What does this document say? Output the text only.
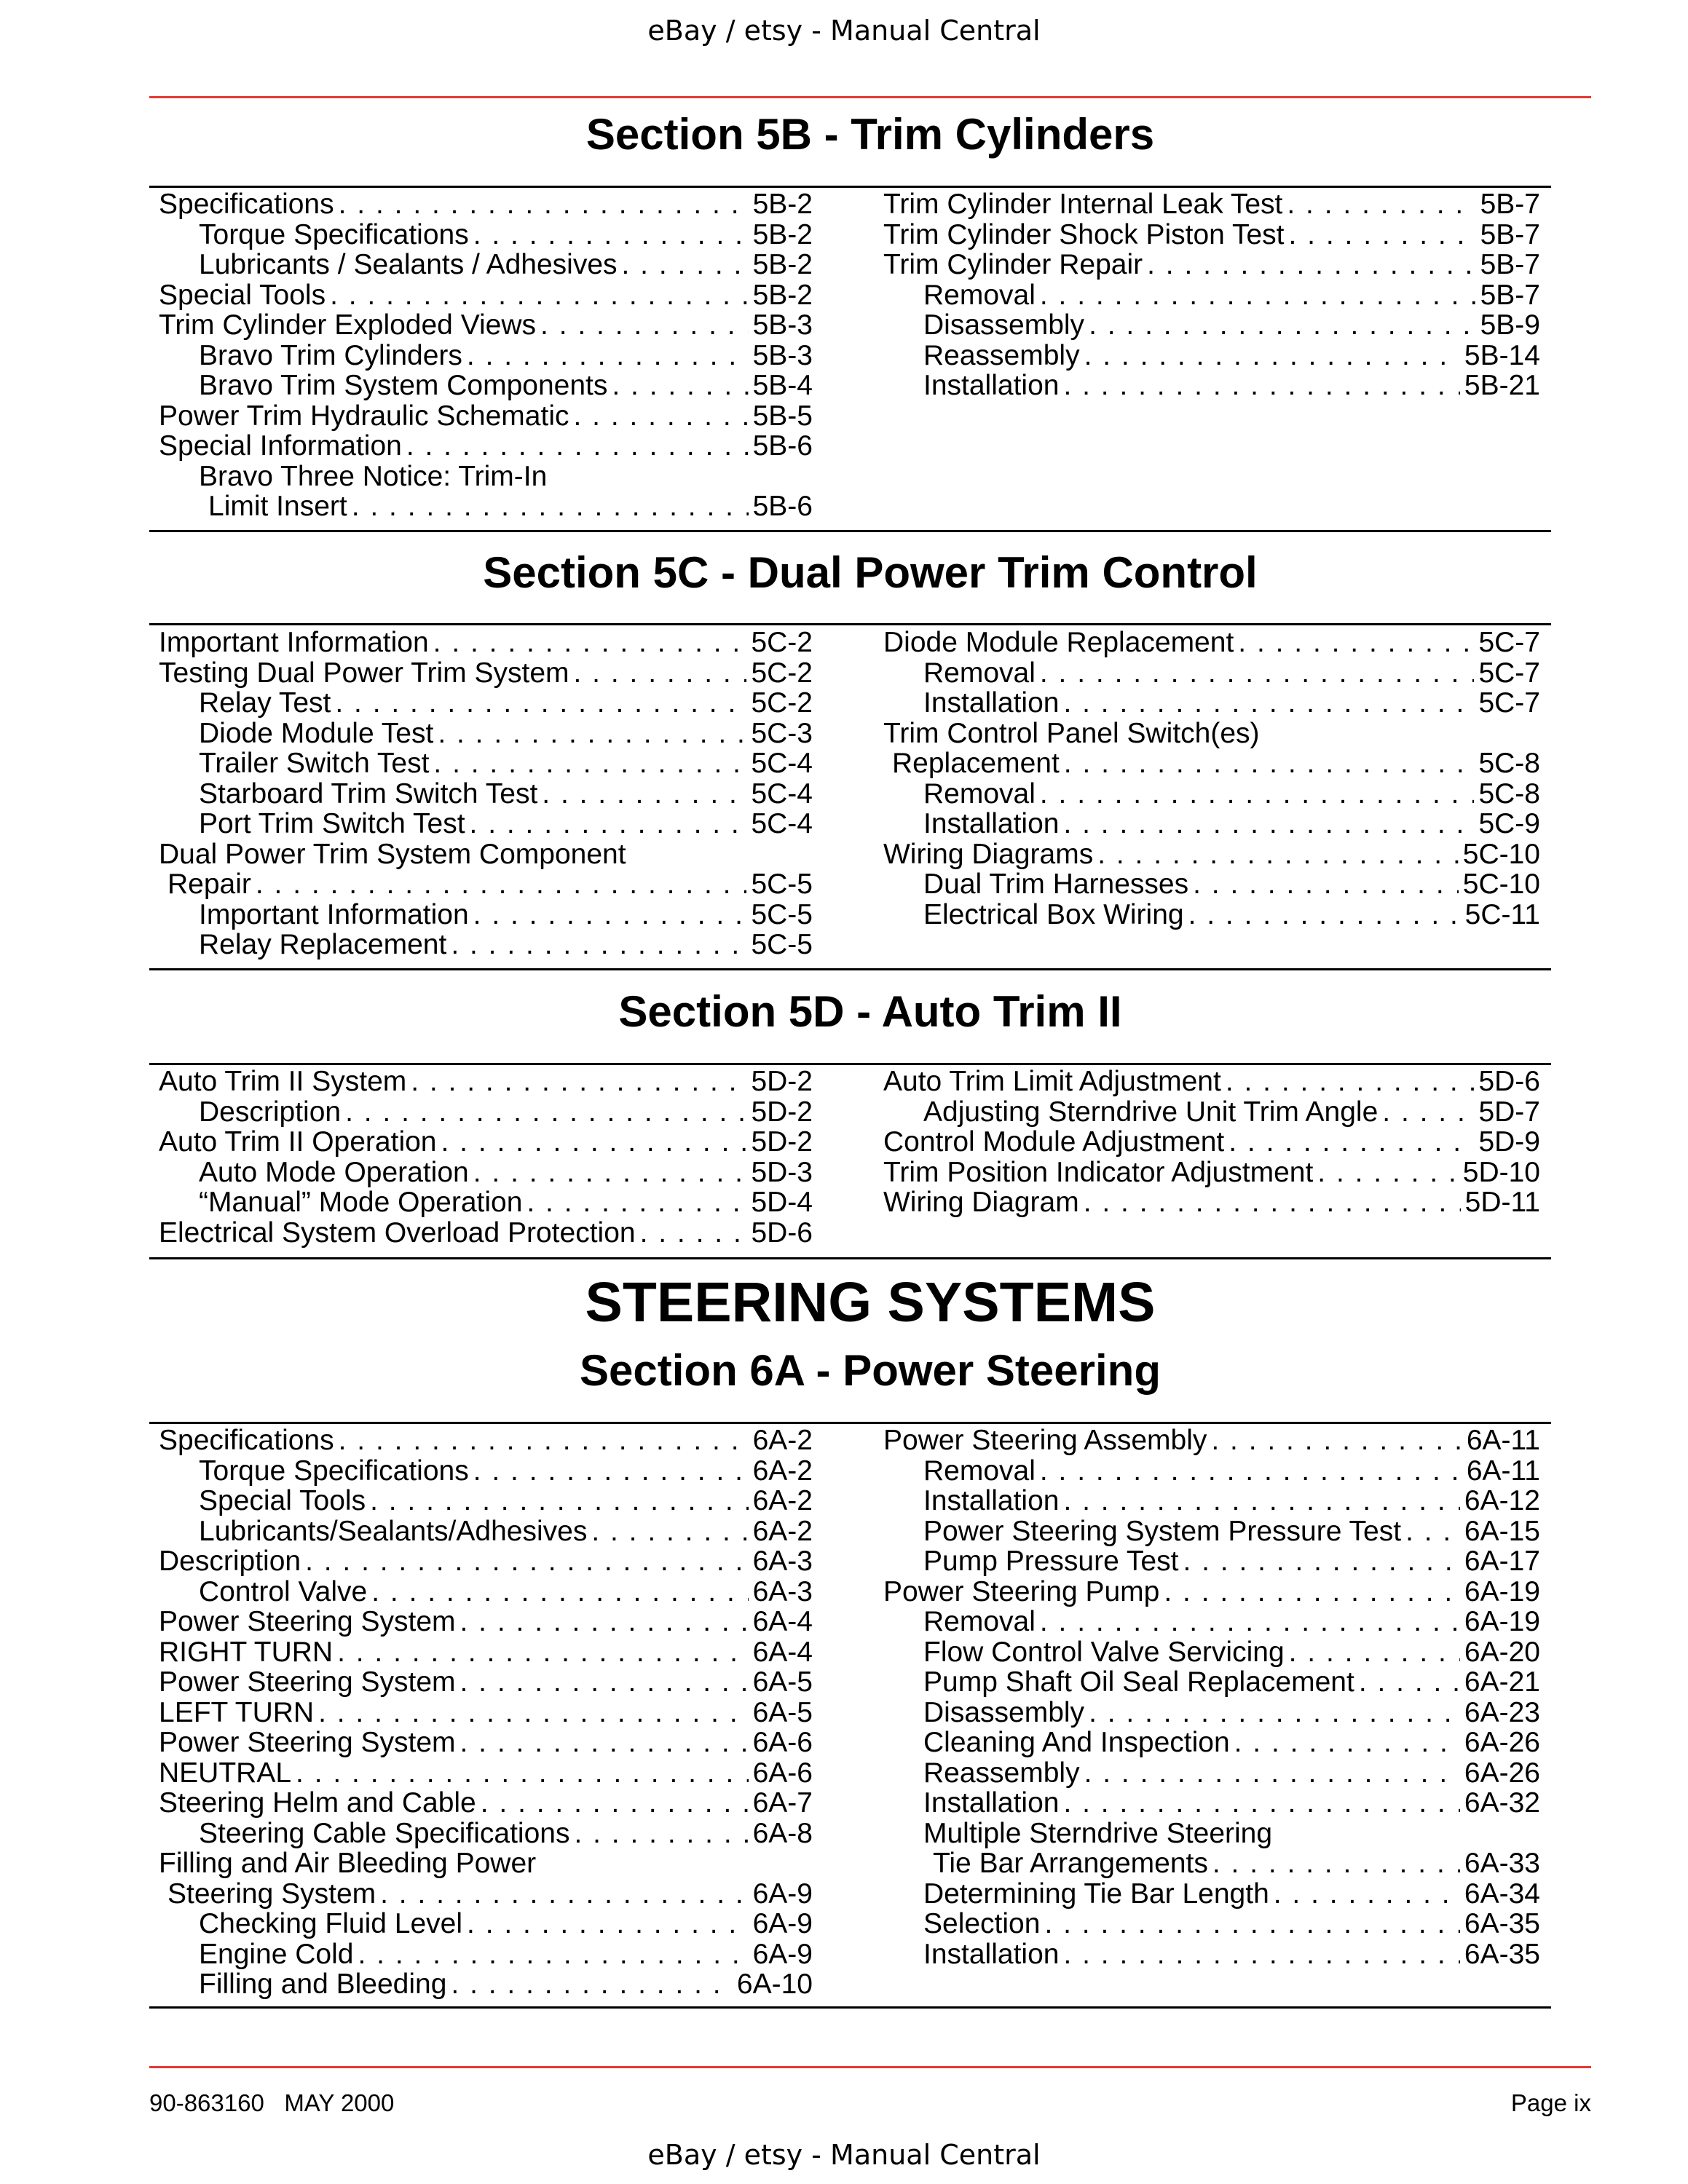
eBay / etsy - Manual Central
Section 5B - Trim Cylinders
Specifications . . .	5B-2
Torque Specifications . . .	5B-2
Lubricants / Sealants / Adhesives . . .	5B-2
Special Tools . . .	5B-2
Trim Cylinder Exploded Views . . .	5B-3
Bravo Trim Cylinders . . .	5B-3
Bravo Trim System Components . . .	5B-4
Power Trim Hydraulic Schematic . . .	5B-5
Special Information . . .	5B-6
Bravo Three Notice: Trim-In
Limit Insert . . .	5B-6
Trim Cylinder Internal Leak Test . . .	5B-7
Trim Cylinder Shock Piston Test . . .	5B-7
Trim Cylinder Repair . . .	5B-7
Removal . . .	5B-7
Disassembly . . .	5B-9
Reassembly . . .	5B-14
Installation . . .	5B-21
Section 5C - Dual Power Trim Control
Important Information . . .	5C-2
Testing Dual Power Trim System . . .	5C-2
Relay Test . . .	5C-2
Diode Module Test . . .	5C-3
Trailer Switch Test . . .	5C-4
Starboard Trim Switch Test . . .	5C-4
Port Trim Switch Test . . .	5C-4
Dual Power Trim System Component
Repair . . .	5C-5
Important Information . . .	5C-5
Relay Replacement . . .	5C-5
Diode Module Replacement . . .	5C-7
Removal . . .	5C-7
Installation . . .	5C-7
Trim Control Panel Switch(es)
Replacement . . .	5C-8
Removal . . .	5C-8
Installation . . .	5C-9
Wiring Diagrams . . .	5C-10
Dual Trim Harnesses . . .	5C-10
Electrical Box Wiring . . .	5C-11
Section 5D - Auto Trim II
Auto Trim II System . . .	5D-2
Description . . .	5D-2
Auto Trim II Operation . . .	5D-2
Auto Mode Operation . . .	5D-3
“Manual” Mode Operation . . .	5D-4
Electrical System Overload Protection . . .	5D-6
Auto Trim Limit Adjustment . . .	5D-6
Adjusting Sterndrive Unit Trim Angle . . .	5D-7
Control Module Adjustment . . .	5D-9
Trim Position Indicator Adjustment . . .	5D-10
Wiring Diagram . . .	5D-11
STEERING SYSTEMS
Section 6A - Power Steering
Specifications . . .	6A-2
Torque Specifications . . .	6A-2
Special Tools . . .	6A-2
Lubricants/Sealants/Adhesives . . .	6A-2
Description . . .	6A-3
Control Valve . . .	6A-3
Power Steering System . . .	6A-4
RIGHT TURN . . .	6A-4
Power Steering System . . .	6A-5
LEFT TURN . . .	6A-5
Power Steering System . . .	6A-6
NEUTRAL . . .	6A-6
Steering Helm and Cable . . .	6A-7
Steering Cable Specifications . . .	6A-8
Filling and Air Bleeding Power
Steering System . . .	6A-9
Checking Fluid Level . . .	6A-9
Engine Cold . . .	6A-9
Filling and Bleeding . . .	6A-10
Power Steering Assembly . . .	6A-11
Removal . . .	6A-11
Installation . . .	6A-12
Power Steering System Pressure Test . . . 6A-15
Pump Pressure Test . . .	6A-17
Power Steering Pump . . .	6A-19
Removal . . .	6A-19
Flow Control Valve Servicing . . .	6A-20
Pump Shaft Oil Seal Replacement . . .	6A-21
Disassembly . . .	6A-23
Cleaning And Inspection . . .	6A-26
Reassembly . . .	6A-26
Installation . . .	6A-32
Multiple Sterndrive Steering
Tie Bar Arrangements . . .	6A-33
Determining Tie Bar Length . . .	6A-34
Selection . . .	6A-35
Installation . . .	6A-35
90-863160   MAY 2000	Page ix
eBay / etsy - Manual Central
